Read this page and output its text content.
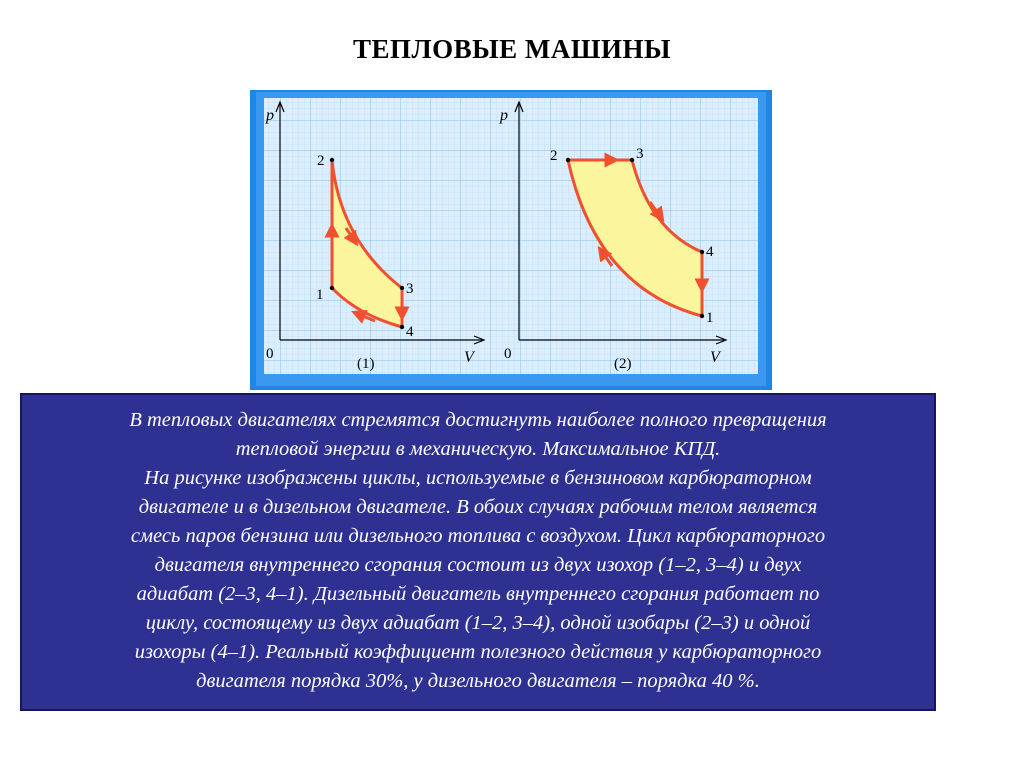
ТЕПЛОВЫЕ МАШИНЫ
p
V
0
(1)
1
2
3
4
p
V
0
(2)
2	3
4
1

В тепловых двигателях стремятся достигнуть наиболее полного превращения

тепловой энергии в механическую. Максимальное КПД.

На рисунке изображены циклы, используемые в бензиновом карбюраторном

двигателе и в дизельном двигателе. В обоих случаях рабочим телом является

смесь паров бензина или дизельного топлива с воздухом. Цикл карбюраторного

двигателя внутреннего сгорания состоит из двух изохор (1–2, 3–4) и двух

адиабат (2–3, 4–1). Дизельный двигатель внутреннего сгорания работает по

циклу, состоящему из двух адиабат (1–2, 3–4), одной изобары (2–3) и одной

изохоры (4–1). Реальный коэффициент полезного действия у карбюраторного

двигателя порядка 30%, у дизельного двигателя – порядка 40 %.
